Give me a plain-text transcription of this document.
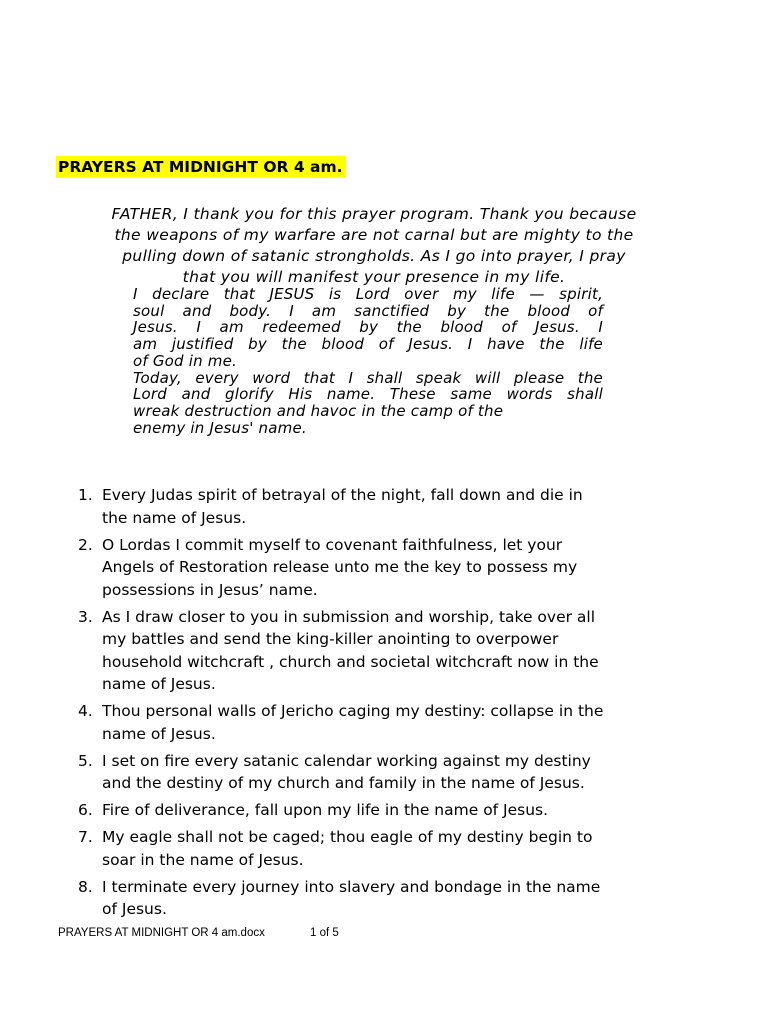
PRAYERS AT MIDNIGHT OR 4 am.
FATHER, I thank you for this prayer program. Thank you because
the weapons of my warfare are not carnal but are mighty to the
pulling down of satanic strongholds. As I go into prayer, I pray
that you will manifest your presence in my life.
I declare that JESUS is Lord over my life — spirit,
soul and body. I am sanctified by the blood of
Jesus. I am redeemed by the blood of Jesus. I
am justified by the blood of Jesus. I have the life
of God in me.
Today, every word that I shall speak will please the
Lord and glorify His name. These same words shall
wreak destruction and havoc in the camp of the
enemy in Jesus' name.
1. Every Judas spirit of betrayal of the night, fall down and die in
the name of Jesus.
2. O Lordas I commit myself to covenant faithfulness, let your
Angels of Restoration release unto me the key to possess my
possessions in Jesus’ name.
3. As I draw closer to you in submission and worship, take over all
my battles and send the king-killer anointing to overpower
household witchcraft , church and societal witchcraft now in the
name of Jesus.
4. Thou personal walls of Jericho caging my destiny: collapse in the
name of Jesus.
5. I set on fire every satanic calendar working against my destiny
and the destiny of my church and family in the name of Jesus.
6. Fire of deliverance, fall upon my life in the name of Jesus.
7. My eagle shall not be caged; thou eagle of my destiny begin to
soar in the name of Jesus.
8. I terminate every journey into slavery and bondage in the name
of Jesus.
PRAYERS AT MIDNIGHT OR 4 am.docx	1 of 5
